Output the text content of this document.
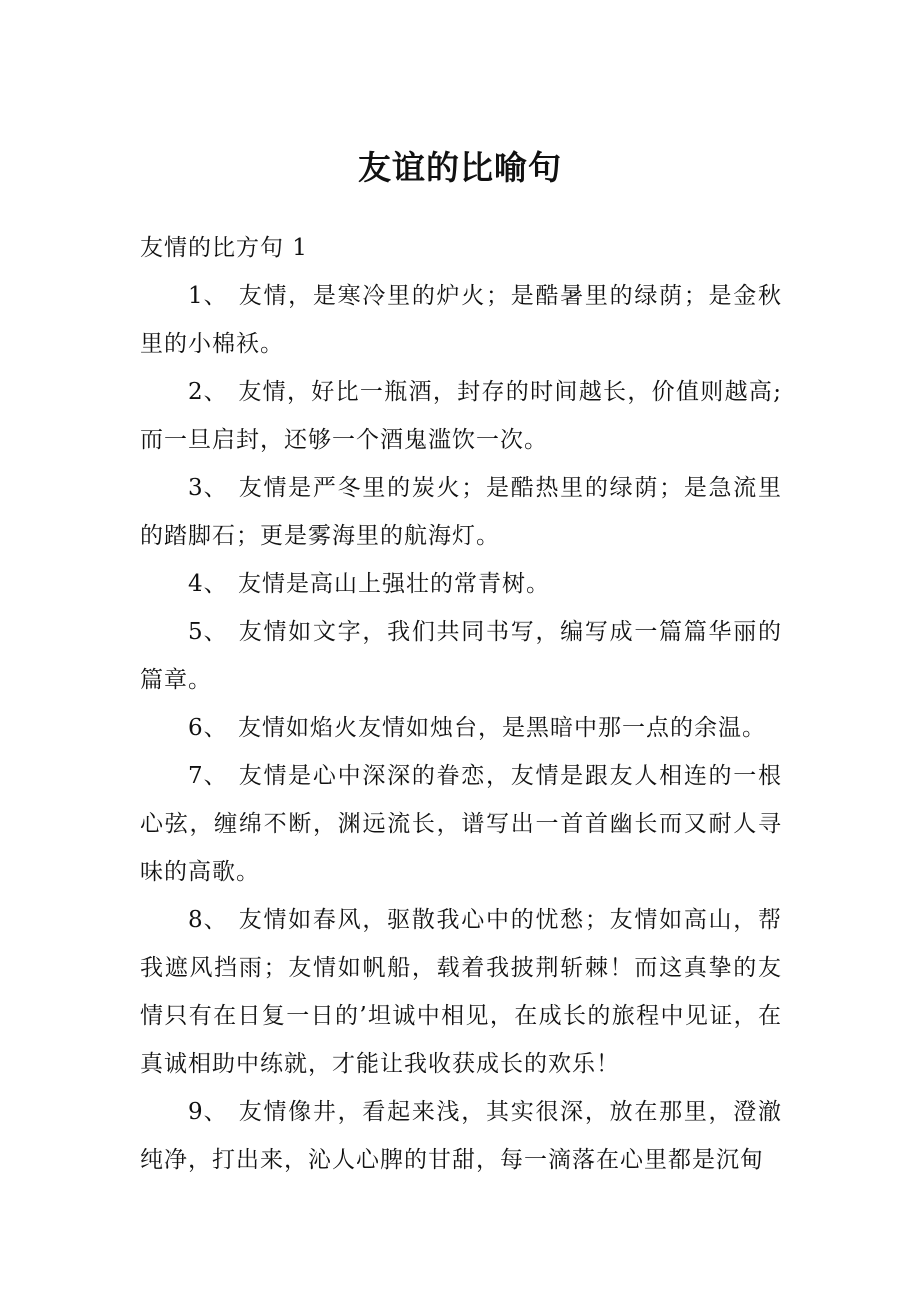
友谊的比喻句

友情的比方句 1

1、 友情，是寒冷里的炉火；是酷暑里的绿荫；是金秋里的小棉袄。

2、 友情，好比一瓶酒，封存的时间越长，价值则越高;而一旦启封，还够一个酒鬼滥饮一次。

3、 友情是严冬里的炭火；是酷热里的绿荫；是急流里的踏脚石；更是雾海里的航海灯。

4、 友情是高山上强壮的常青树。

5、 友情如文字，我们共同书写，编写成一篇篇华丽的篇章。

6、 友情如焰火友情如烛台，是黑暗中那一点的余温。

7、 友情是心中深深的眷恋，友情是跟友人相连的一根心弦，缠绵不断，渊远流长，谱写出一首首幽长而又耐人寻味的高歌。

8、 友情如春风，驱散我心中的忧愁；友情如高山，帮我遮风挡雨；友情如帆船，载着我披荆斩棘！而这真挚的友情只有在日复一日的’坦诚中相见，在成长的旅程中见证，在真诚相助中练就，才能让我收获成长的欢乐！

9、 友情像井，看起来浅，其实很深，放在那里，澄澈纯净，打出来，沁人心脾的甘甜，每一滴落在心里都是沉甸
